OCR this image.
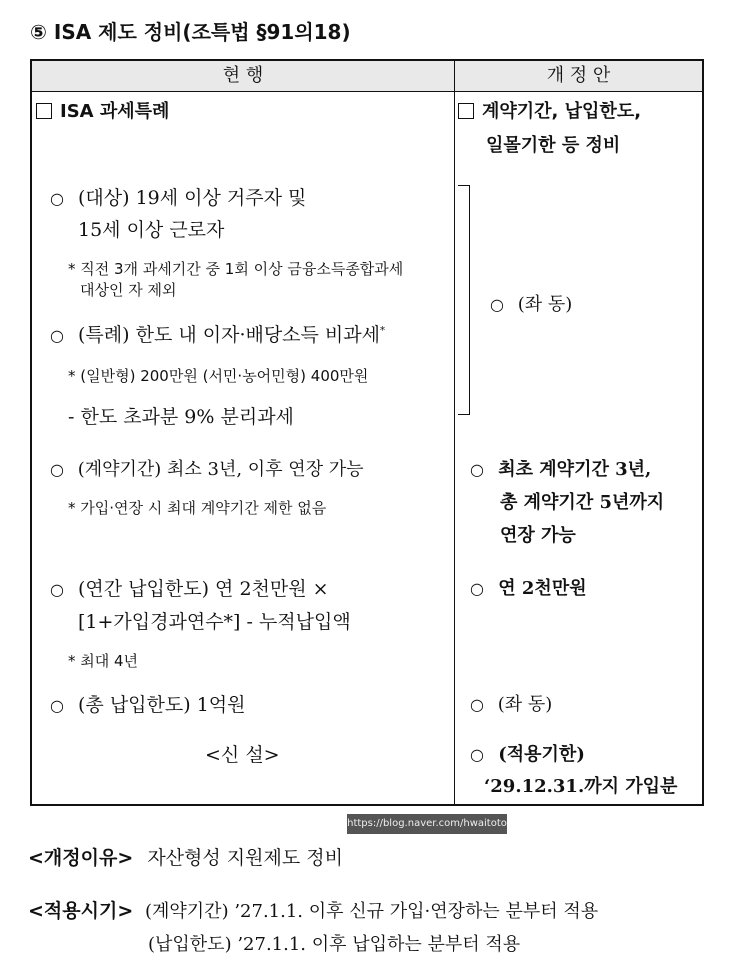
⑤ ISA 제도 정비(조특법 §91의18)
현 행	개 정 안
ISA 과세특례
○ (대상) 19세 이상 거주자 및
15세 이상 근로자
* 직전 3개 과세기간 중 1회 이상 금융소득종합과세
대상인 자 제외
○ (특례) 한도 내 이자·배당소득 비과세*
* (일반형) 200만원 (서민·농어민형) 400만원
- 한도 초과분 9% 분리과세
○ (계약기간) 최소 3년, 이후 연장 가능
* 가입·연장 시 최대 계약기간 제한 없음
○ (연간 납입한도) 연 2천만원 ×
[1+가입경과연수*] - 누적납입액
* 최대 4년
○ (총 납입한도) 1억원
<신 설>
계약기간, 납입한도,
일몰기한 등 정비
○ (좌 동)
○ 최초 계약기간 3년,
총 계약기간 5년까지
연장 가능
○ 연 2천만원
○ (좌 동)
○ (적용기한)
‘29.12.31.까지 가입분
https://blog.naver.com/hwaitoto
<개정이유> 자산형성 지원제도 정비
<적용시기> (계약기간) ’27.1.1. 이후 신규 가입·연장하는 분부터 적용
(납입한도) ’27.1.1. 이후 납입하는 분부터 적용
